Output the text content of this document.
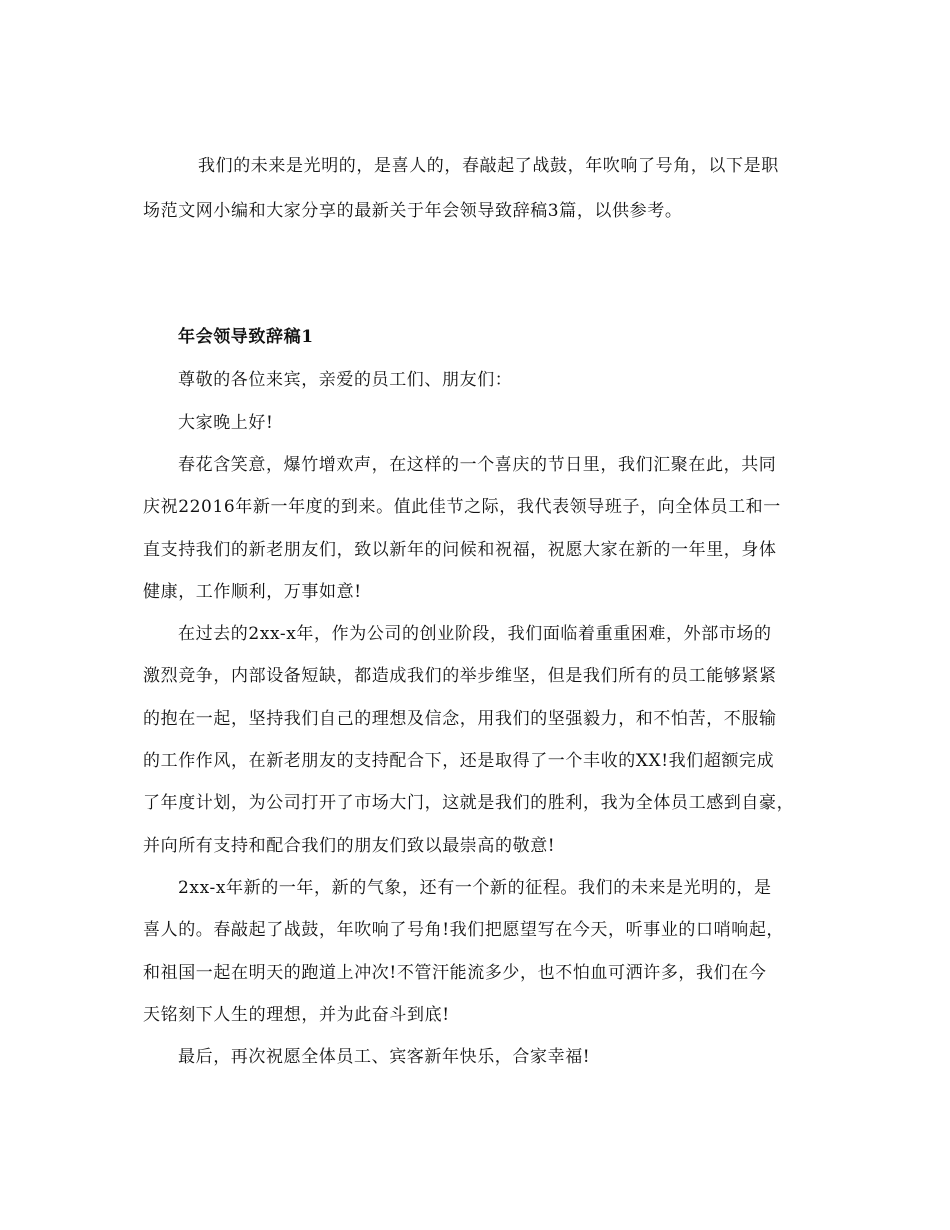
我们的未来是光明的，是喜人的，春敲起了战鼓，年吹响了号角，以下是职
场范文网小编和大家分享的最新关于年会领导致辞稿3篇，以供参考。
年会领导致辞稿1
尊敬的各位来宾，亲爱的员工们、朋友们：
大家晚上好!
春花含笑意，爆竹增欢声，在这样的一个喜庆的节日里，我们汇聚在此，共同
庆祝22016年新一年度的到来。值此佳节之际，我代表领导班子，向全体员工和一
直支持我们的新老朋友们，致以新年的问候和祝福，祝愿大家在新的一年里，身体
健康，工作顺利，万事如意!
在过去的2xx-x年，作为公司的创业阶段，我们面临着重重困难，外部市场的
激烈竞争，内部设备短缺，都造成我们的举步维坚，但是我们所有的员工能够紧紧
的抱在一起，坚持我们自己的理想及信念，用我们的坚强毅力，和不怕苦，不服输
的工作作风，在新老朋友的支持配合下，还是取得了一个丰收的XX!我们超额完成
了年度计划，为公司打开了市场大门，这就是我们的胜利，我为全体员工感到自豪，
并向所有支持和配合我们的朋友们致以最崇高的敬意!
2xx-x年新的一年，新的气象，还有一个新的征程。我们的未来是光明的，是
喜人的。春敲起了战鼓，年吹响了号角!我们把愿望写在今天，听事业的口哨响起，
和祖国一起在明天的跑道上冲次!不管汗能流多少，也不怕血可洒许多，我们在今
天铭刻下人生的理想，并为此奋斗到底!
最后，再次祝愿全体员工、宾客新年快乐，合家幸福!
